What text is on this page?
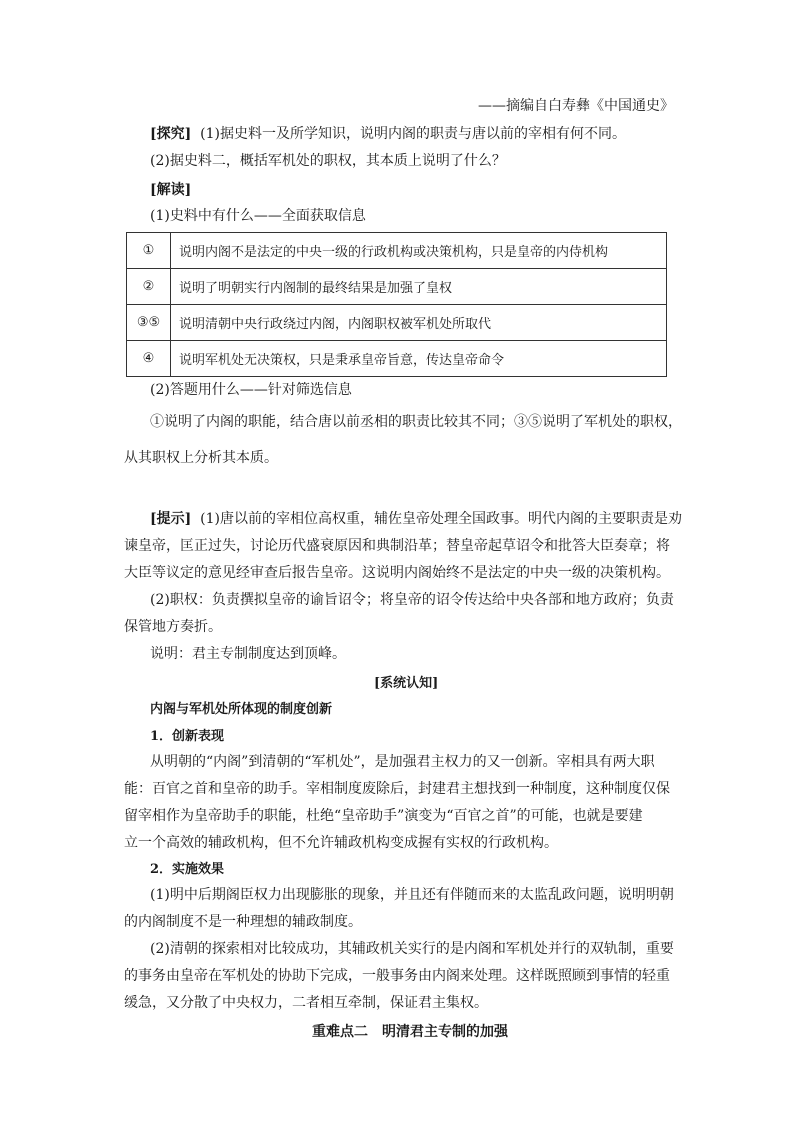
——摘编自白寿彝《中国通史》
[探究] (1)据史料一及所学知识，说明内阁的职责与唐以前的宰相有何不同。
(2)据史料二，概括军机处的职权，其本质上说明了什么？
[解读]
(1)史料中有什么——全面获取信息
①	说明内阁不是法定的中央一级的行政机构或决策机构，只是皇帝的内侍机构
②	说明了明朝实行内阁制的最终结果是加强了皇权
③⑤	说明清朝中央行政绕过内阁，内阁职权被军机处所取代
④	说明军机处无决策权，只是秉承皇帝旨意，传达皇帝命令
(2)答题用什么——针对筛选信息
①说明了内阁的职能，结合唐以前丞相的职责比较其不同；③⑤说明了军机处的职权，
从其职权上分析其本质。
[提示] (1)唐以前的宰相位高权重，辅佐皇帝处理全国政事。明代内阁的主要职责是劝
谏皇帝，匡正过失，讨论历代盛衰原因和典制沿革；替皇帝起草诏令和批答大臣奏章；将
大臣等议定的意见经审查后报告皇帝。这说明内阁始终不是法定的中央一级的决策机构。
(2)职权：负责撰拟皇帝的谕旨诏令；将皇帝的诏令传达给中央各部和地方政府；负责
保管地方奏折。
说明：君主专制制度达到顶峰。
[系统认知]
内阁与军机处所体现的制度创新
1．创新表现
从明朝的“内阁”到清朝的“军机处”，是加强君主权力的又一创新。宰相具有两大职
能：百官之首和皇帝的助手。宰相制度废除后，封建君主想找到一种制度，这种制度仅保
留宰相作为皇帝助手的职能，杜绝“皇帝助手”演变为“百官之首”的可能，也就是要建
立一个高效的辅政机构，但不允许辅政机构变成握有实权的行政机构。
2．实施效果
(1)明中后期阁臣权力出现膨胀的现象，并且还有伴随而来的太监乱政问题，说明明朝
的内阁制度不是一种理想的辅政制度。
(2)清朝的探索相对比较成功，其辅政机关实行的是内阁和军机处并行的双轨制，重要
的事务由皇帝在军机处的协助下完成，一般事务由内阁来处理。这样既照顾到事情的轻重
缓急，又分散了中央权力，二者相互牵制，保证君主集权。
重难点二　明清君主专制的加强
